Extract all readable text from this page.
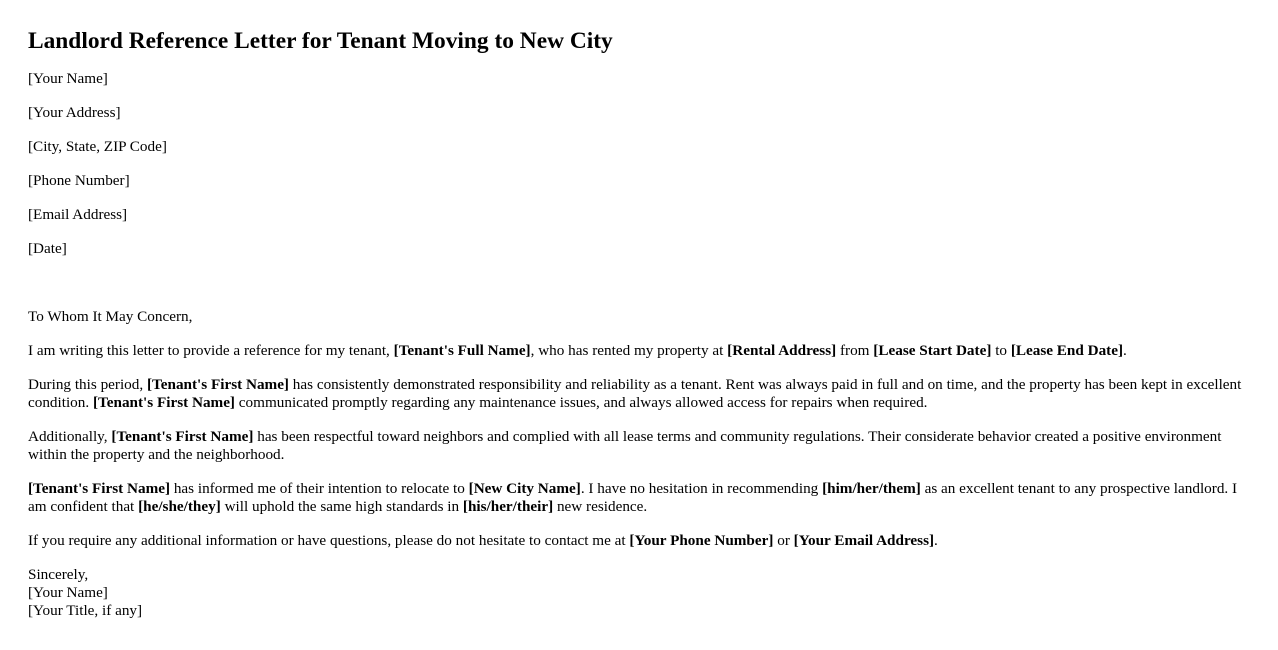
Landlord Reference Letter for Tenant Moving to New City

[Your Name]

[Your Address]

[City, State, ZIP Code]

[Phone Number]

[Email Address]

[Date]

To Whom It May Concern,

I am writing this letter to provide a reference for my tenant, [Tenant's Full Name], who has rented my property at [Rental Address] from [Lease Start Date] to [Lease End Date].

During this period, [Tenant's First Name] has consistently demonstrated responsibility and reliability as a tenant. Rent was always paid in full and on time, and the property has been kept in excellent condition. [Tenant's First Name] communicated promptly regarding any maintenance issues, and always allowed access for repairs when required.

Additionally, [Tenant's First Name] has been respectful toward neighbors and complied with all lease terms and community regulations. Their considerate behavior created a positive environment within the property and the neighborhood.

[Tenant's First Name] has informed me of their intention to relocate to [New City Name]. I have no hesitation in recommending [him/her/them] as an excellent tenant to any prospective landlord. I am confident that [he/she/they] will uphold the same high standards in [his/her/their] new residence.

If you require any additional information or have questions, please do not hesitate to contact me at [Your Phone Number] or [Your Email Address].

Sincerely,
[Your Name]
[Your Title, if any]
